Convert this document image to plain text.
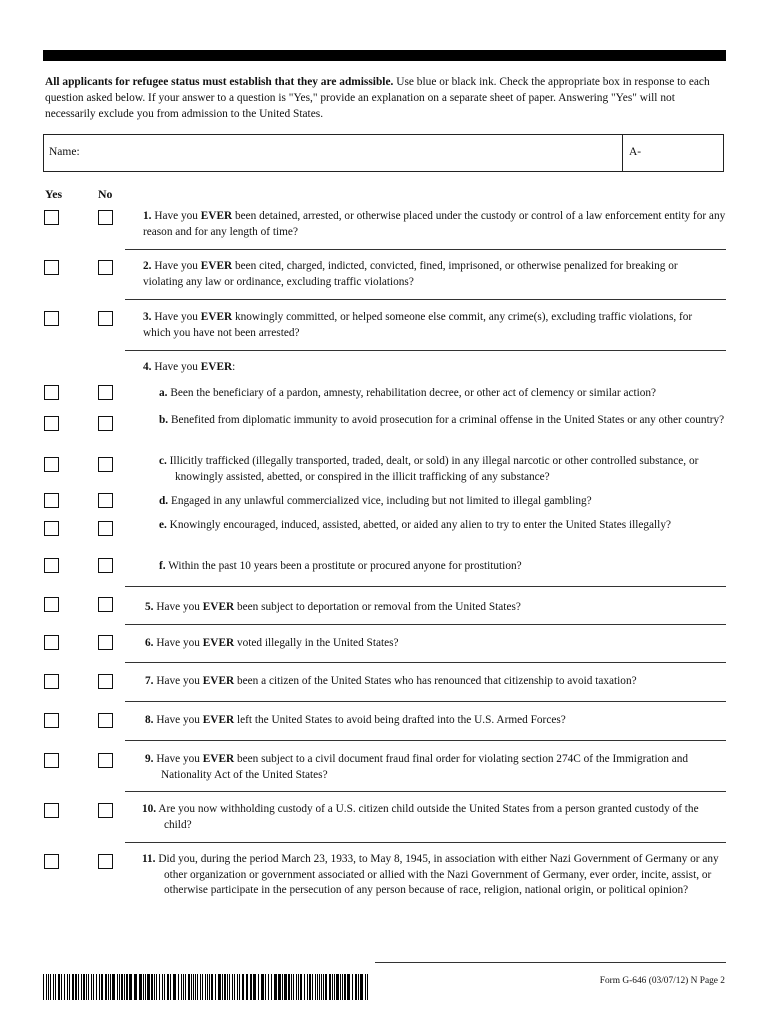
All applicants for refugee status must establish that they are admissible. Use blue or black ink. Check the appropriate box in response to each question asked below. If your answer to a question is "Yes," provide an explanation on a separate sheet of paper. Answering "Yes" will not necessarily exclude you from admission to the United States.
Name:	A-
Yes	No
1. Have you EVER been detained, arrested, or otherwise placed under the custody or control of a law enforcement entity for any reason and for any length of time?
2. Have you EVER been cited, charged, indicted, convicted, fined, imprisoned, or otherwise penalized for breaking or violating any law or ordinance, excluding traffic violations?
3. Have you EVER knowingly committed, or helped someone else commit, any crime(s), excluding traffic violations, for which you have not been arrested?
4. Have you EVER:
a. Been the beneficiary of a pardon, amnesty, rehabilitation decree, or other act of clemency or similar action?
b. Benefited from diplomatic immunity to avoid prosecution for a criminal offense in the United States or any other country?
c. Illicitly trafficked (illegally transported, traded, dealt, or sold) in any illegal narcotic or other controlled substance, or knowingly assisted, abetted, or conspired in the illicit trafficking of any substance?
d. Engaged in any unlawful commercialized vice, including but not limited to illegal gambling?
e. Knowingly encouraged, induced, assisted, abetted, or aided any alien to try to enter the United States illegally?
f. Within the past 10 years been a prostitute or procured anyone for prostitution?
5. Have you EVER been subject to deportation or removal from the United States?
6. Have you EVER voted illegally in the United States?
7. Have you EVER been a citizen of the United States who has renounced that citizenship to avoid taxation?
8. Have you EVER left the United States to avoid being drafted into the U.S. Armed Forces?
9. Have you EVER been subject to a civil document fraud final order for violating section 274C of the Immigration and Nationality Act of the United States?
10. Are you now withholding custody of a U.S. citizen child outside the United States from a person granted custody of the child?
11. Did you, during the period March 23, 1933, to May 8, 1945, in association with either Nazi Government of Germany or any other organization or government associated or allied with the Nazi Government of Germany, ever order, incite, assist, or otherwise participate in the persecution of any person because of race, religion, national origin, or political opinion?
Form G-646 (03/07/12) N Page 2
